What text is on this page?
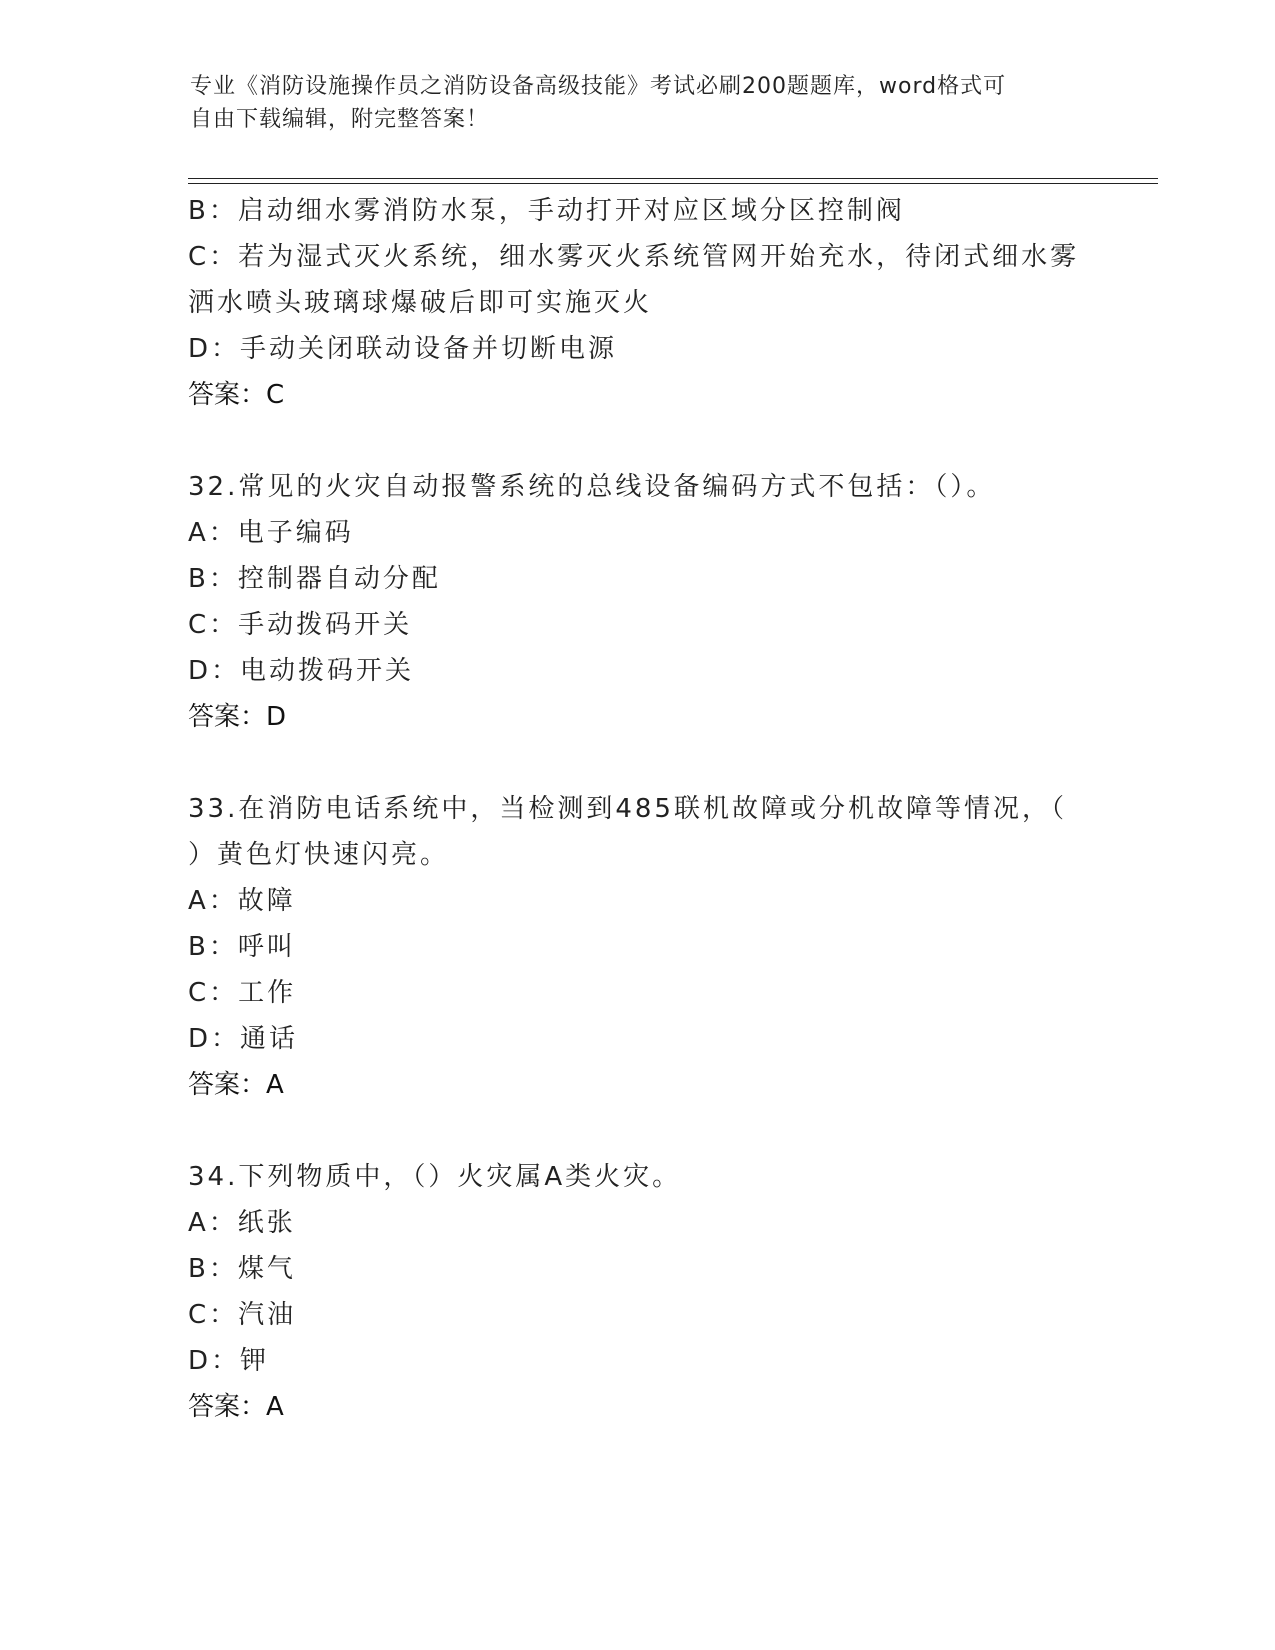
专业《消防设施操作员之消防设备高级技能》考试必刷200题题库，word格式可
自由下载编辑，附完整答案！
B：启动细水雾消防水泵，手动打开对应区域分区控制阀
C：若为湿式灭火系统，细水雾灭火系统管网开始充水，待闭式细水雾
洒水喷头玻璃球爆破后即可实施灭火
D：手动关闭联动设备并切断电源
答案：C
32.常见的火灾自动报警系统的总线设备编码方式不包括：（）。
A：电子编码
B：控制器自动分配
C：手动拨码开关
D：电动拨码开关
答案：D
33.在消防电话系统中，当检测到485联机故障或分机故障等情况，（
）黄色灯快速闪亮。
A：故障
B：呼叫
C：工作
D：通话
答案：A
34.下列物质中，（）火灾属A类火灾。
A：纸张
B：煤气
C：汽油
D：钾
答案：A
